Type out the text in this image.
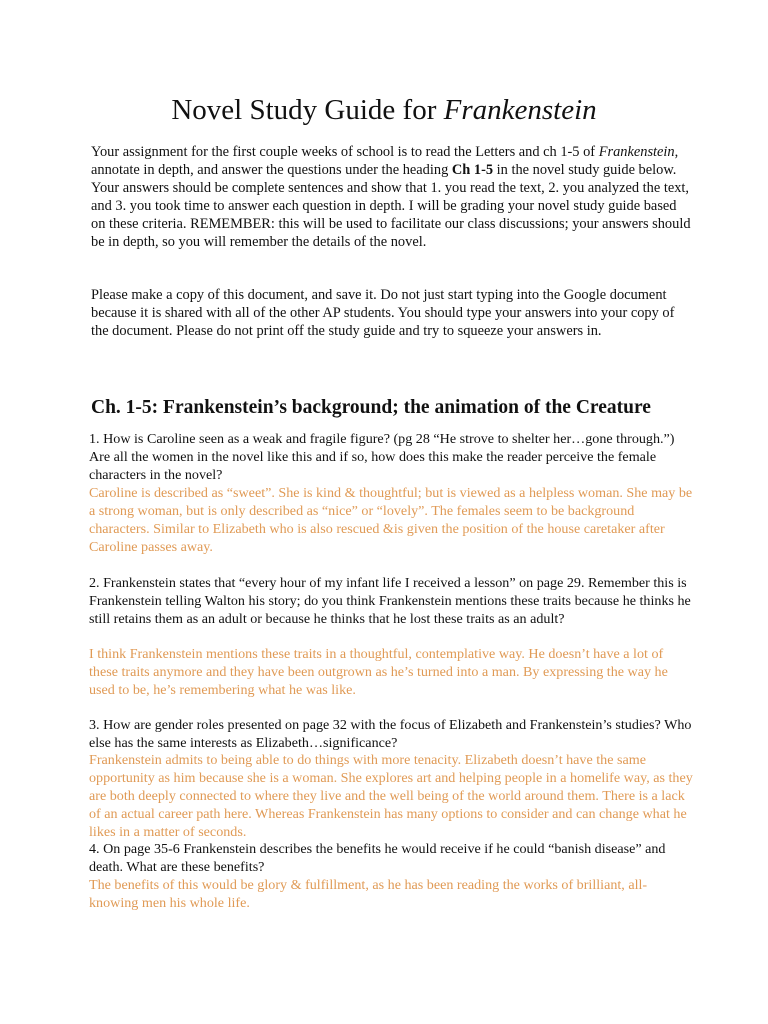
Novel Study Guide for Frankenstein

Your assignment for the first couple weeks of school is to read the Letters and ch 1-5 of Frankenstein, annotate in depth, and answer the questions under the heading Ch 1-5 in the novel study guide below. Your answers should be complete sentences and show that 1. you read the text, 2. you analyzed the text, and 3. you took time to answer each question in depth. I will be grading your novel study guide based on these criteria. REMEMBER: this will be used to facilitate our class discussions; your answers should be in depth, so you will remember the details of the novel.

Please make a copy of this document, and save it. Do not just start typing into the Google document because it is shared with all of the other AP students. You should type your answers into your copy of the document. Please do not print off the study guide and try to squeeze your answers in.

Ch. 1-5: Frankenstein’s background; the animation of the Creature

1. How is Caroline seen as a weak and fragile figure? (pg 28 “He strove to shelter her…gone through.”) Are all the women in the novel like this and if so, how does this make the reader perceive the female characters in the novel?

Caroline is described as “sweet”. She is kind & thoughtful; but is viewed as a helpless woman. She may be a strong woman, but is only described as “nice” or “lovely”. The females seem to be background characters. Similar to Elizabeth who is also rescued &is given the position of the house caretaker after Caroline passes away.

2. Frankenstein states that “every hour of my infant life I received a lesson” on page 29. Remember this is Frankenstein telling Walton his story; do you think Frankenstein mentions these traits because he thinks he still retains them as an adult or because he thinks that he lost these traits as an adult?

I think Frankenstein mentions these traits in a thoughtful, contemplative way. He doesn’t have a lot of these traits anymore and they have been outgrown as he’s turned into a man. By expressing the way he used to be, he’s remembering what he was like.

3. How are gender roles presented on page 32 with the focus of Elizabeth and Frankenstein’s studies? Who else has the same interests as Elizabeth…significance?

Frankenstein admits to being able to do things with more tenacity. Elizabeth doesn’t have the same opportunity as him because she is a woman. She explores art and helping people in a homelife way, as they are both deeply connected to where they live and the well being of the world around them. There is a lack of an actual career path here. Whereas Frankenstein has many options to consider and can change what he likes in a matter of seconds.

4. On page 35-6 Frankenstein describes the benefits he would receive if he could “banish disease” and death. What are these benefits?

The benefits of this would be glory & fulfillment, as he has been reading the works of brilliant, all-knowing men his whole life.
